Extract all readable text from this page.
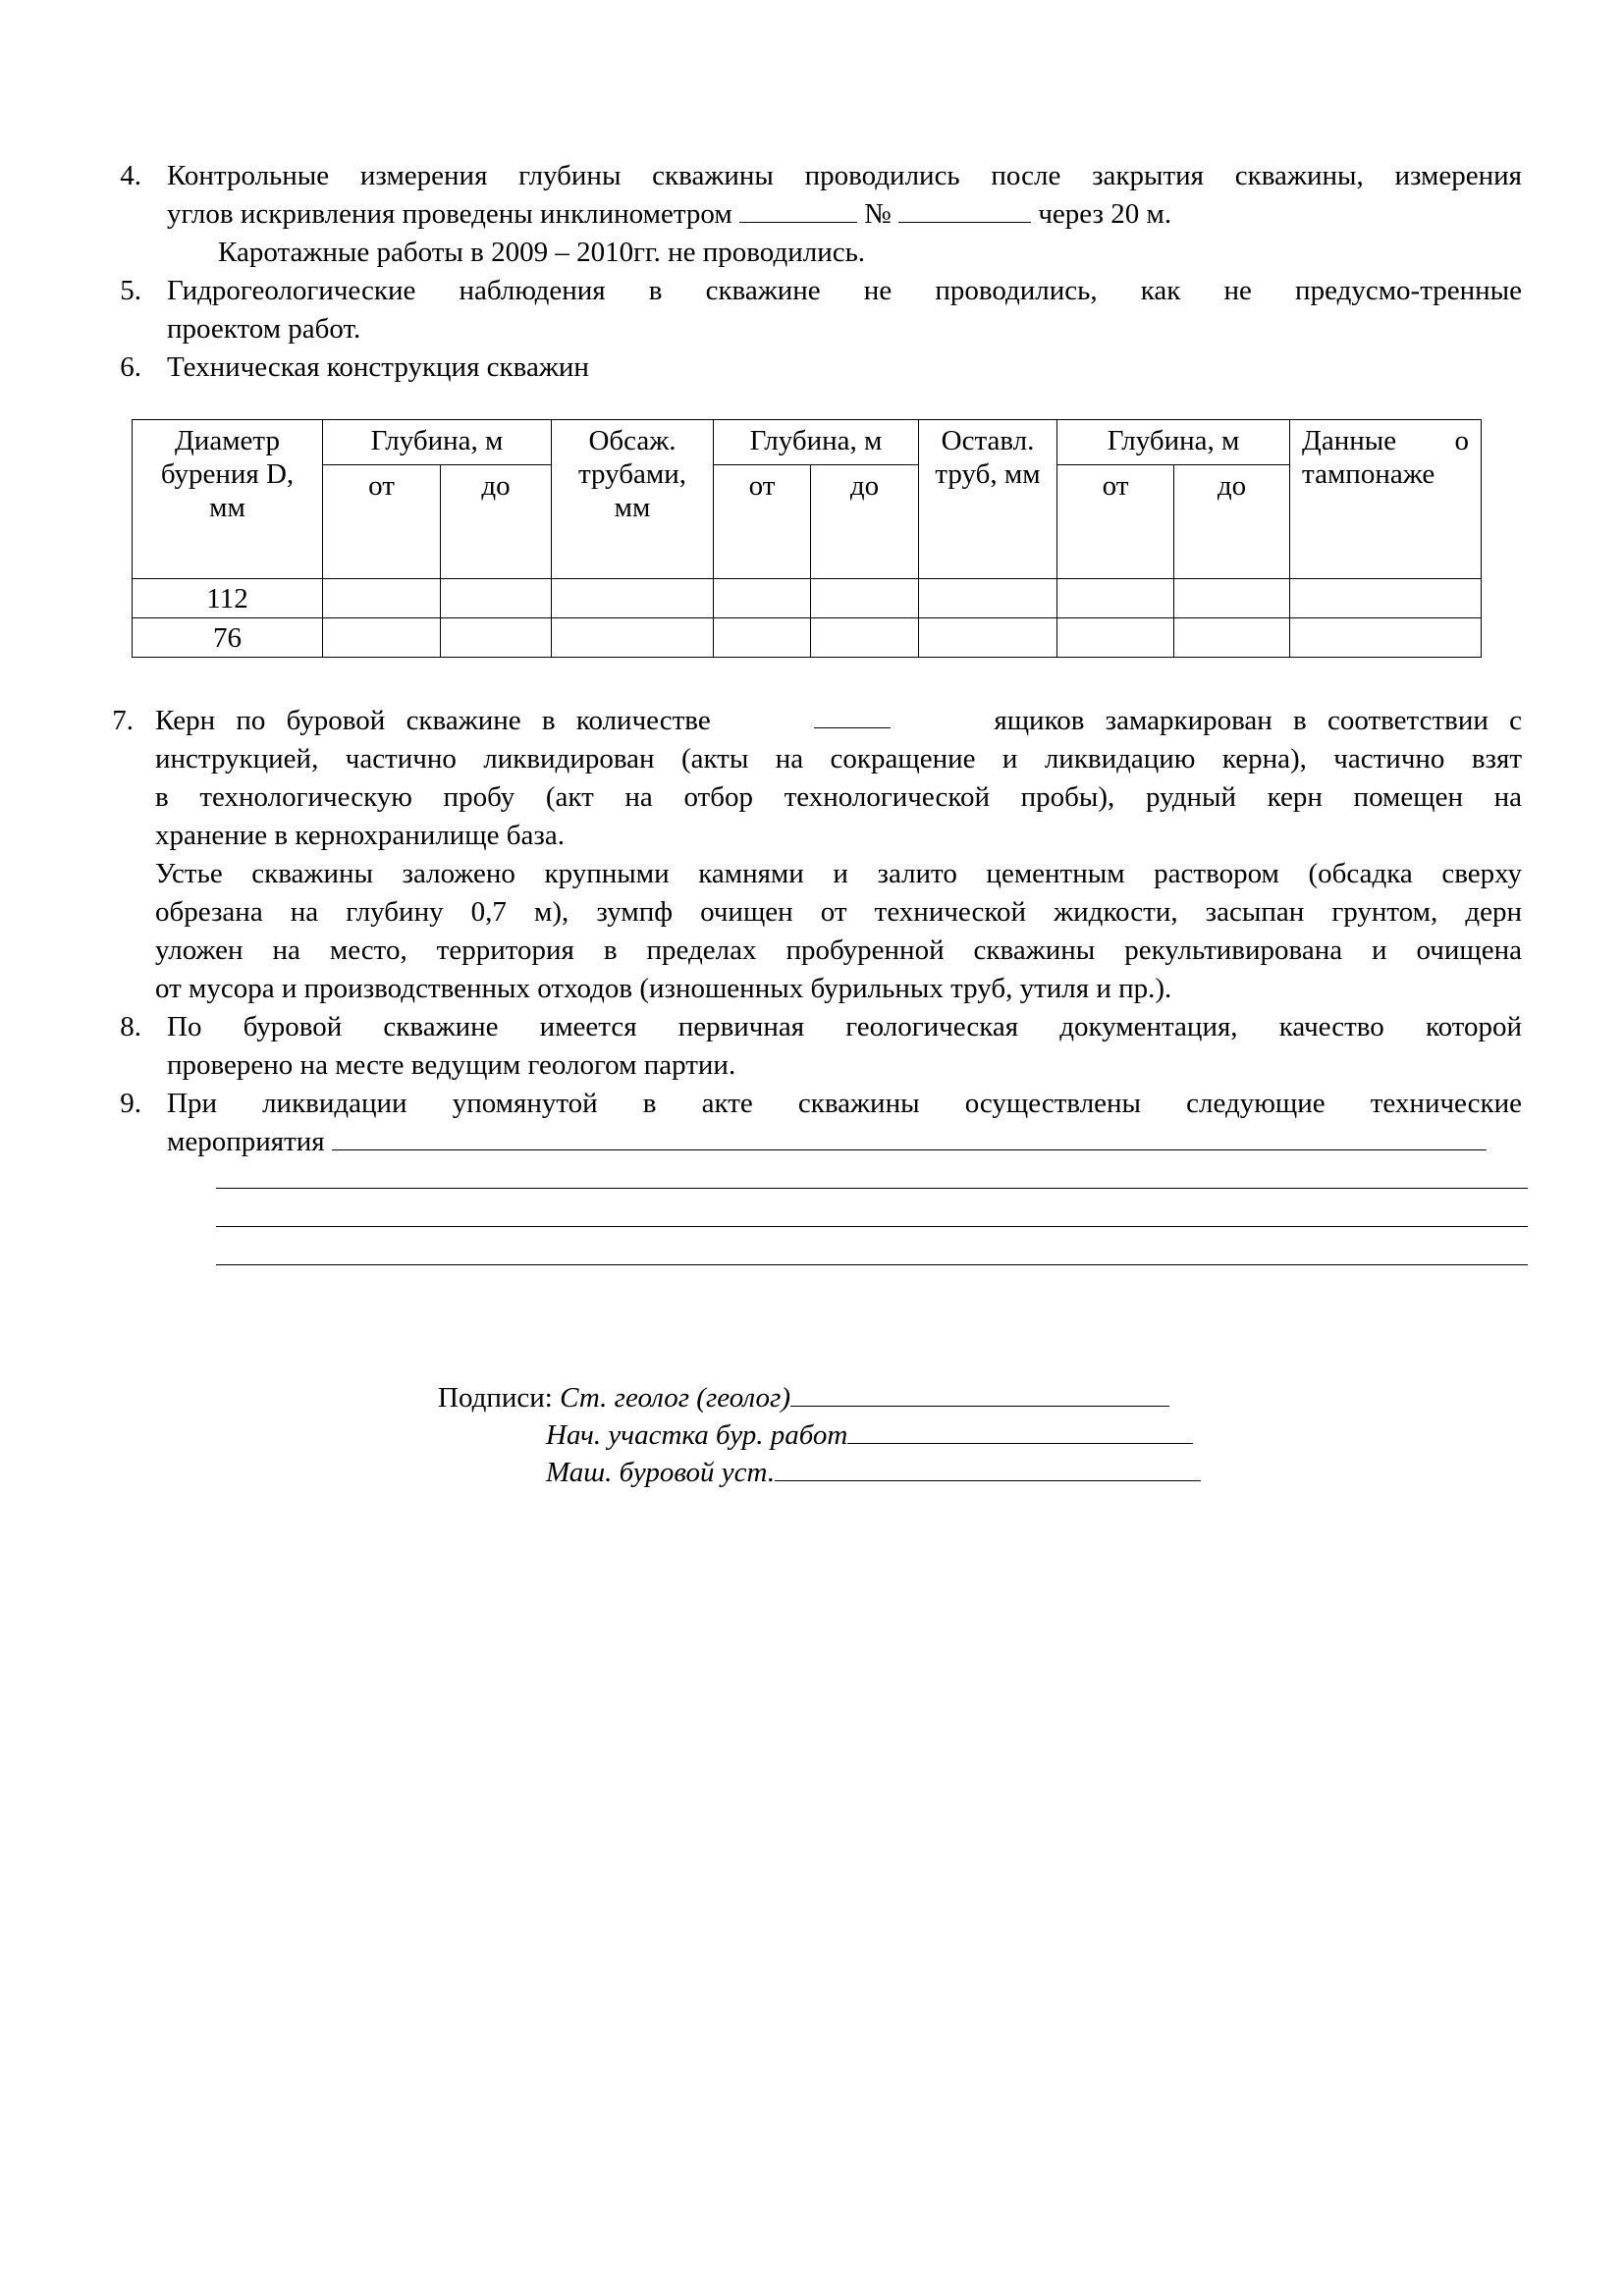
4. Контрольные измерения глубины скважины проводились после закрытия скважины, измерения
углов искривления проведены инклинометром	№	через 20 м.
Каротажные работы в 2009 – 2010гг. не проводились.
5. Гидрогеологические наблюдения в скважине не проводились, как не предусмо-тренные
проектом работ.
6. Техническая конструкция скважин
Диаметр бурения D, мм	Глубина, м		Обсаж. трубами, мм	Глубина, м		Оставл. труб, мм	Глубина, м		Данные о тампонаже
	от	до		от	до		от	до	
112									
76									
7. Керн по буровой скважине в количестве	ящиков замаркирован в соответствии с
инструкцией, частично ликвидирован (акты на сокращение и ликвидацию керна), частично взят
в технологическую пробу (акт на отбор технологической пробы), рудный керн помещен на
хранение в кернохранилище база.
Устье скважины заложено крупными камнями и залито цементным раствором (обсадка сверху
обрезана на глубину 0,7 м), зумпф очищен от технической жидкости, засыпан грунтом, дерн
уложен на место, территория в пределах пробуренной скважины рекультивирована и очищена
от мусора и производственных отходов (изношенных бурильных труб, утиля и пр.).
8. По буровой скважине имеется первичная геологическая документация, качество которой
проверено на месте ведущим геологом партии.
9. При ликвидации упомянутой в акте скважины осуществлены следующие технические
мероприятия
Подписи: Ст. геолог (геолог)
Нач. участка бур. работ
Маш. буровой уст.
